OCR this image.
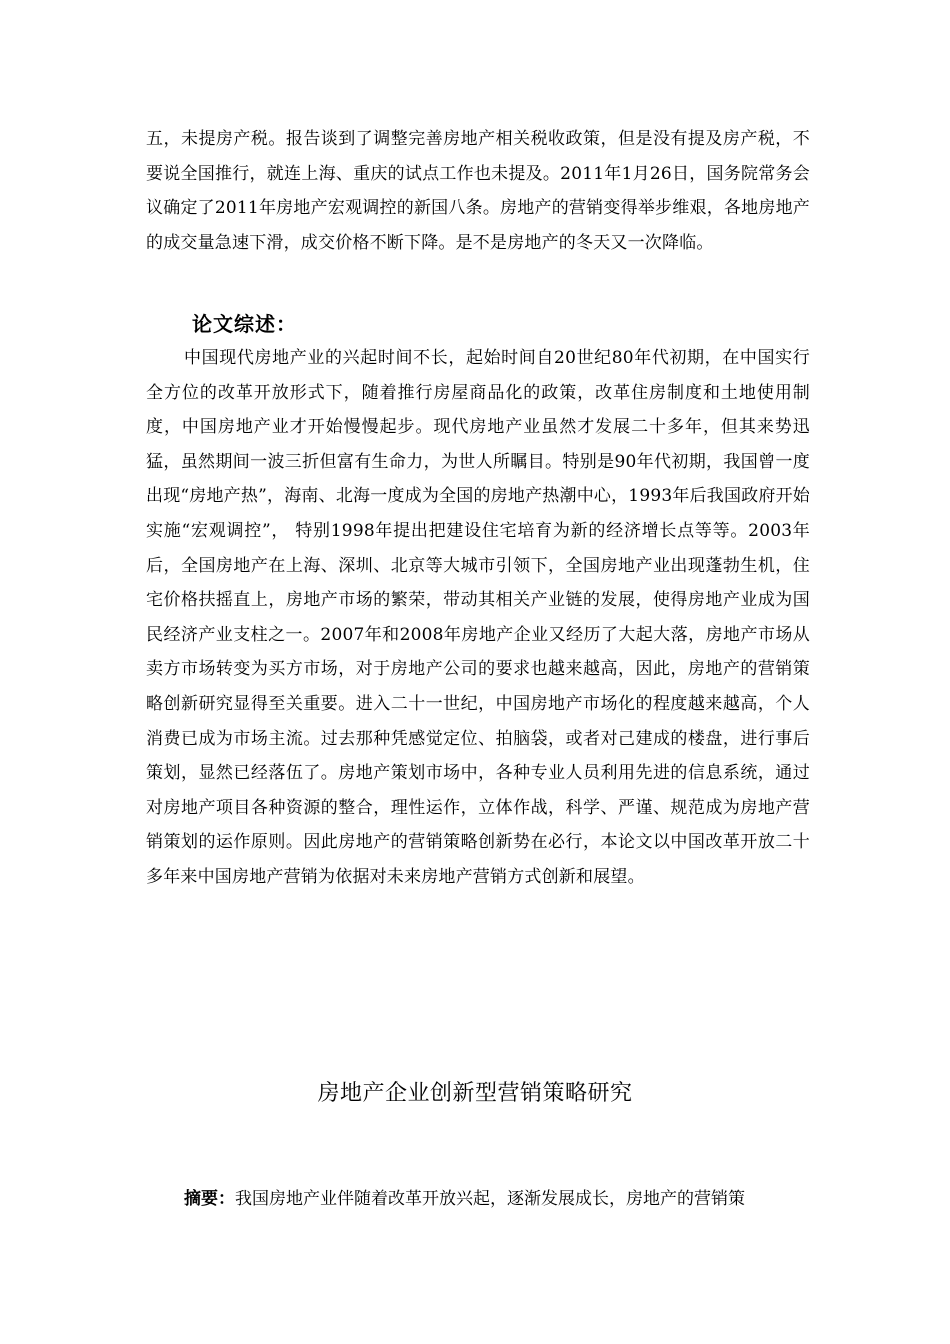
五，未提房产税。报告谈到了调整完善房地产相关税收政策，但是没有提及房产税，不要说全国推行，就连上海、重庆的试点工作也未提及。2011年1月26日，国务院常务会议确定了2011年房地产宏观调控的新国八条。房地产的营销变得举步维艰，各地房地产的成交量急速下滑，成交价格不断下降。是不是房地产的冬天又一次降临。

论文综述：

中国现代房地产业的兴起时间不长，起始时间自20世纪80年代初期，在中国实行全方位的改革开放形式下，随着推行房屋商品化的政策，改革住房制度和土地使用制度，中国房地产业才开始慢慢起步。现代房地产业虽然才发展二十多年，但其来势迅猛，虽然期间一波三折但富有生命力，为世人所瞩目。特别是90年代初期，我国曾一度出现“房地产热”，海南、北海一度成为全国的房地产热潮中心，1993年后我国政府开始实施“宏观调控”， 特别1998年提出把建设住宅培育为新的经济增长点等等。2003年后，全国房地产在上海、深圳、北京等大城市引领下，全国房地产业出现蓬勃生机，住宅价格扶摇直上，房地产市场的繁荣，带动其相关产业链的发展，使得房地产业成为国民经济产业支柱之一。2007年和2008年房地产企业又经历了大起大落，房地产市场从卖方市场转变为买方市场，对于房地产公司的要求也越来越高，因此，房地产的营销策略创新研究显得至关重要。进入二十一世纪，中国房地产市场化的程度越来越高，个人消费已成为市场主流。过去那种凭感觉定位、拍脑袋，或者对己建成的楼盘，进行事后策划，显然已经落伍了。房地产策划市场中，各种专业人员利用先进的信息系统，通过对房地产项目各种资源的整合，理性运作，立体作战，科学、严谨、规范成为房地产营销策划的运作原则。因此房地产的营销策略创新势在必行，本论文以中国改革开放二十多年来中国房地产营销为依据对未来房地产营销方式创新和展望。

房地产企业创新型营销策略研究
摘要：我国房地产业伴随着改革开放兴起，逐渐发展成长，房地产的营销策
